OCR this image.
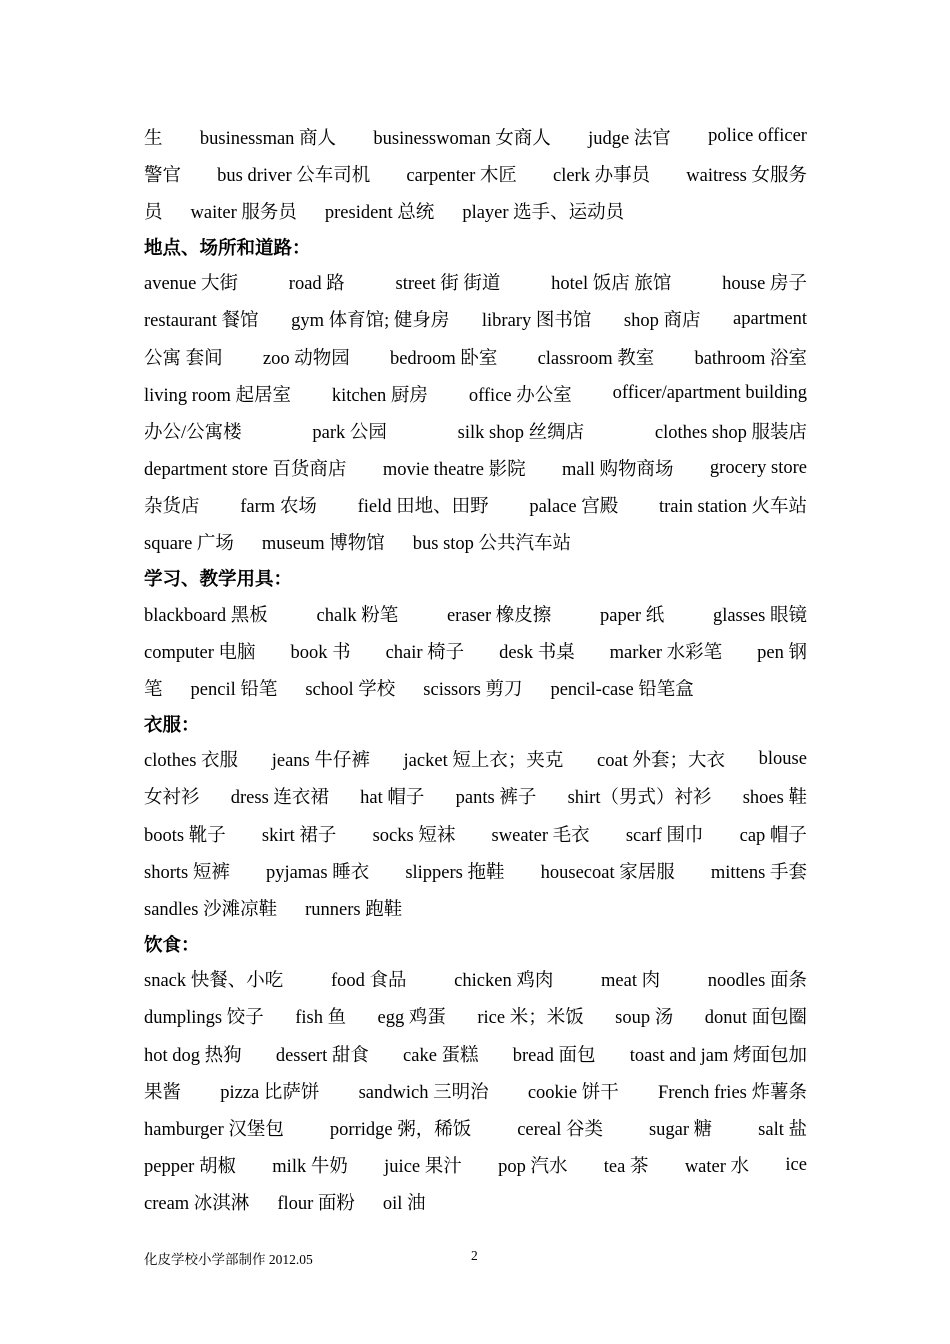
生 businessman 商人 businesswoman 女商人 judge 法官 police officer
警官 bus driver 公车司机 carpenter 木匠 clerk 办事员 waitress 女服务
员 waiter 服务员 president 总统 player 选手、运动员
地点、场所和道路：
avenue 大街	road 路	street 街 街道	hotel 饭店 旅馆	house 房子
restaurant 餐馆 gym 体育馆; 健身房 library 图书馆 shop 商店 apartment
公寓 套间 zoo 动物园 bedroom 卧室 classroom 教室 bathroom 浴室
living room 起居室 kitchen 厨房 office 办公室 officer/apartment building
办公/公寓楼	park 公园	silk shop 丝绸店	clothes shop 服装店
department store 百货商店 movie theatre 影院 mall 购物商场 grocery store
杂货店 farm 农场 field 田地、田野 palace 宫殿 train station 火车站
square 广场 museum 博物馆 bus stop 公共汽车站
学习、教学用具：
blackboard 黑板	chalk 粉笔	eraser 橡皮擦	paper 纸	glasses 眼镜
computer 电脑 book 书 chair 椅子 desk 书桌 marker 水彩笔 pen 钢
笔 pencil 铅笔 school 学校 scissors 剪刀 pencil-case 铅笔盒
衣服：
clothes 衣服 jeans 牛仔裤 jacket 短上衣；夹克 coat 外套；大衣 blouse
女衬衫 dress 连衣裙 hat 帽子 pants 裤子 shirt（男式）衬衫 shoes 鞋
boots 靴子 skirt 裙子 socks 短袜 sweater 毛衣 scarf 围巾 cap 帽子
shorts 短裤 pyjamas 睡衣 slippers 拖鞋 housecoat 家居服 mittens 手套
sandles 沙滩凉鞋 runners 跑鞋
饮食：
snack 快餐、小吃	food 食品	chicken 鸡肉	meat 肉	noodles 面条
dumplings 饺子 fish 鱼 egg 鸡蛋 rice 米；米饭 soup 汤 donut 面包圈
hot dog 热狗 dessert 甜食 cake 蛋糕 bread 面包 toast and jam 烤面包加
果酱 pizza 比萨饼 sandwich 三明治 cookie 饼干 French fries 炸薯条
hamburger 汉堡包 porridge 粥，稀饭 cereal 谷类 sugar 糖 salt 盐
pepper 胡椒 milk 牛奶 juice 果汁 pop 汽水 tea 茶 water 水 ice
cream 冰淇淋 flour 面粉 oil 油
化皮学校小学部制作 2012.05	2
